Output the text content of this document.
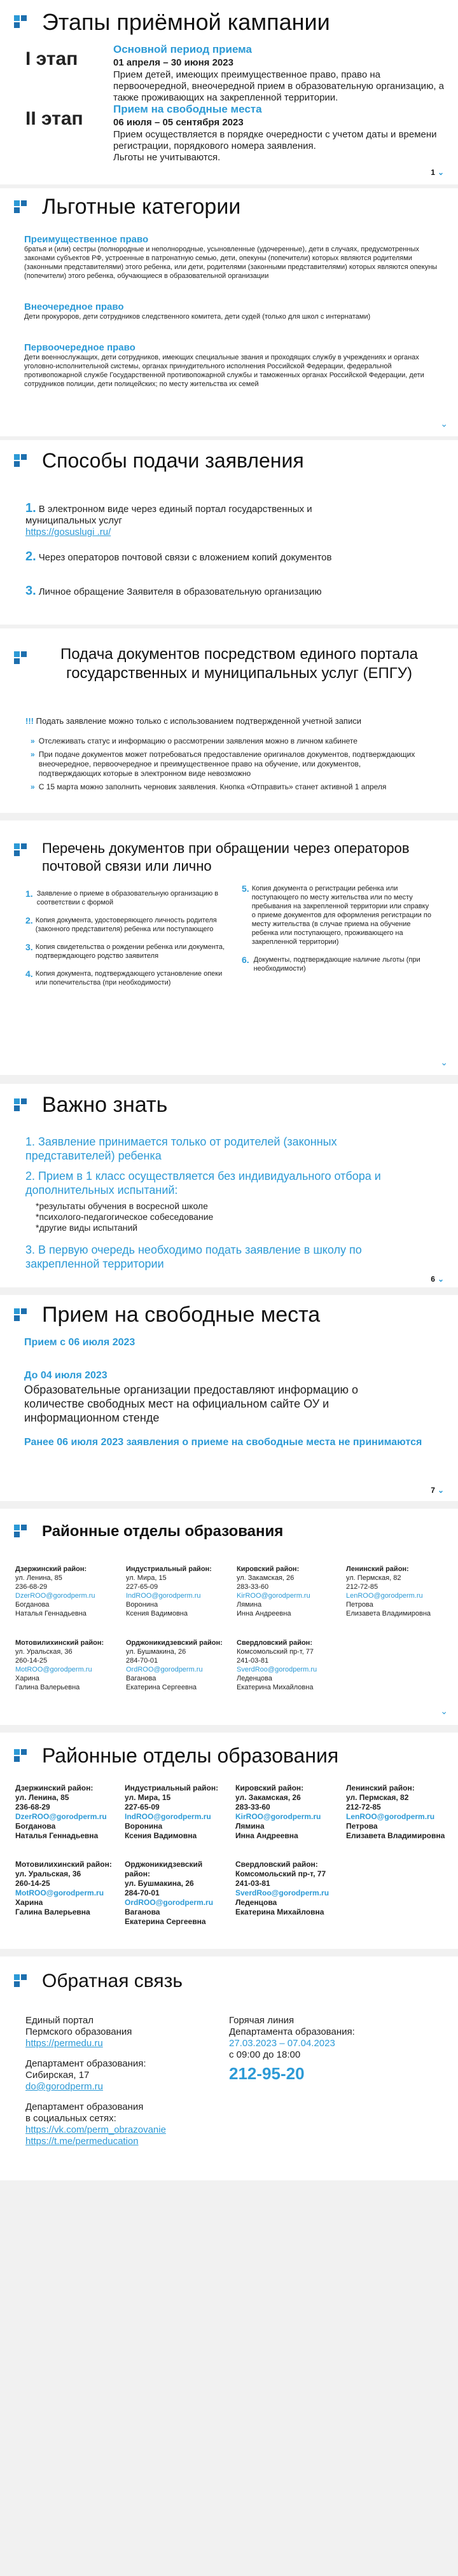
Этапы приёмной кампании
I этап	Основной период приема
01 апреля – 30 июня 2023
Прием детей, имеющих преимущественное право, право на первоочередной, внеочередной прием в образовательную организацию, а также проживающих на закрепленной территории.
II этап	Прием на свободные места
06 июля – 05 сентября 2023
Прием осуществляется в порядке очередности с учетом даты и времени регистрации, порядкового номера заявления.
Льготы не учитываются.
1 ⌄
Льготные категории
Преимущественное право
братья и (или) сестры (полнородные и неполнородные, усыновленные (удочеренные), дети в случаях, предусмотренных законами субъектов РФ, устроенные в патронатную семью, дети, опекуны (попечители) которых являются родителями (законными представителями) этого ребенка, или дети, родителями (законными представителями) которых являются опекуны (попечители) этого ребенка, обучающиеся в образовательной организации
Внеочередное право
Дети прокуроров, дети сотрудников следственного комитета, дети судей (только для школ с интернатами)
Первоочередное право
Дети военнослужащих, дети сотрудников, имеющих специальные звания и проходящих службу в учреждениях и органах уголовно-исполнительной системы, органах принудительного исполнения Российской Федерации, федеральной противопожарной службе Государственной противопожарной службы и таможенных органах Российской Федерации, дети сотрудников полиции, дети полицейских; по месту жительства их семей
⌄
Способы подачи заявления
1. В электронном виде через единый портал государственных и муниципальных услуг
https://gosuslugi .ru/
2. Через операторов почтовой связи с вложением копий документов
3. Личное обращение Заявителя в образовательную организацию
Подача документов посредством единого портала государственных и муниципальных услуг (ЕПГУ)
!!! Подать заявление можно только с использованием подтвержденной учетной записи
» Отслеживать статус и информацию о рассмотрении заявления можно в личном кабинете
» При подаче документов может потребоваться предоставление оригиналов документов, подтверждающих внеочередное, первоочередное и преимущественное право на обучение, или документов, подтверждающих которые в электронном виде невозможно
» С 15 марта можно заполнить черновик заявления. Кнопка «Отправить» станет активной 1 апреля
Перечень документов при обращении через операторов почтовой связи или лично
1. Заявление о приеме в образовательную организацию в соответствии с формой
2. Копия документа, удостоверяющего личность родителя (законного представителя) ребенка или поступающего
3. Копия свидетельства о рождении ребенка или документа, подтверждающего родство заявителя
4. Копия документа, подтверждающего установление опеки или попечительства (при необходимости)
5. Копия документа о регистрации ребенка или поступающего по месту жительства или по месту пребывания на закрепленной территории или справку о приеме документов для оформления регистрации по месту жительства (в случае приема на обучение ребенка или поступающего, проживающего на закрепленной территории)
6. Документы, подтверждающие наличие льготы (при необходимости)
⌄
Важно знать
1. Заявление принимается только от родителей (законных представителей) ребенка
2. Прием в 1 класс осуществляется без индивидуального отбора и дополнительных испытаний:
*результаты обучения в восресной школе
*психолого-педагогическое собеседование
*другие виды испытаний
3. В первую очередь необходимо подать заявление в школу по закрепленной территории
6 ⌄
Прием на свободные места
Прием с 06 июля 2023
До 04 июля 2023
Образовательные организации предоставляют информацию о количестве свободных мест на официальном сайте ОУ и информационном стенде
Ранее 06 июля 2023 заявления о приеме на свободные места не принимаются
7 ⌄
Районные отделы образования
Дзержинский район:
ул. Ленина, 85
236-68-29
DzerROO@gorodperm.ru
Богданова
Наталья Геннадьевна
Индустриальный район:
ул. Мира, 15
227-65-09
IndROO@gorodperm.ru
Воронина
Ксения Вадимовна
Кировский район:
ул. Закамская, 26
283-33-60
KirROO@gorodperm.ru
Лямина
Инна Андреевна
Ленинский район:
ул. Пермская, 82
212-72-85
LenROO@gorodperm.ru
Петрова
Елизавета Владимировна
Мотовилихинский район:
ул. Уральская, 36
260-14-25
MotROO@gorodperm.ru
Харина
Галина Валерьевна
Орджоникидзевский район:
ул. Бушмакина, 26
284-70-01
OrdROO@gorodperm.ru
Ваганова
Екатерина Сергеевна
Свердловский район:
Комсомольский пр-т, 77
241-03-81
SverdRoo@gorodperm.ru
Леденцова
Екатерина Михайловна
⌄
Районные отделы образования
Дзержинский район:
ул. Ленина, 85
236-68-29
DzerROO@gorodperm.ru
Богданова
Наталья Геннадьевна
Индустриальный район:
ул. Мира, 15
227-65-09
IndROO@gorodperm.ru
Воронина
Ксения Вадимовна
Кировский район:
ул. Закамская, 26
283-33-60
KirROO@gorodperm.ru
Лямина
Инна Андреевна
Ленинский район:
ул. Пермская, 82
212-72-85
LenROO@gorodperm.ru
Петрова
Елизавета Владимировна
Мотовилихинский район:
ул. Уральская, 36
260-14-25
MotROO@gorodperm.ru
Харина
Галина Валерьевна
Орджоникидзевский район:
ул. Бушмакина, 26
284-70-01
OrdROO@gorodperm.ru
Ваганова
Екатерина Сергеевна
Свердловский район:
Комсомольский пр-т, 77
241-03-81
SverdRoo@gorodperm.ru
Леденцова
Екатерина Михайловна
Обратная связь
Единый портал
Пермского образования
https://permedu.ru
Департамент образования:
Сибирская, 17
do@gorodperm.ru
Департамент образования
в социальных сетях:
https://vk.com/perm_obrazovanie
https://t.me/permeducation
Горячая линия
Департамента образования:
27.03.2023 – 07.04.2023
с 09:00 до 18:00
212-95-20
